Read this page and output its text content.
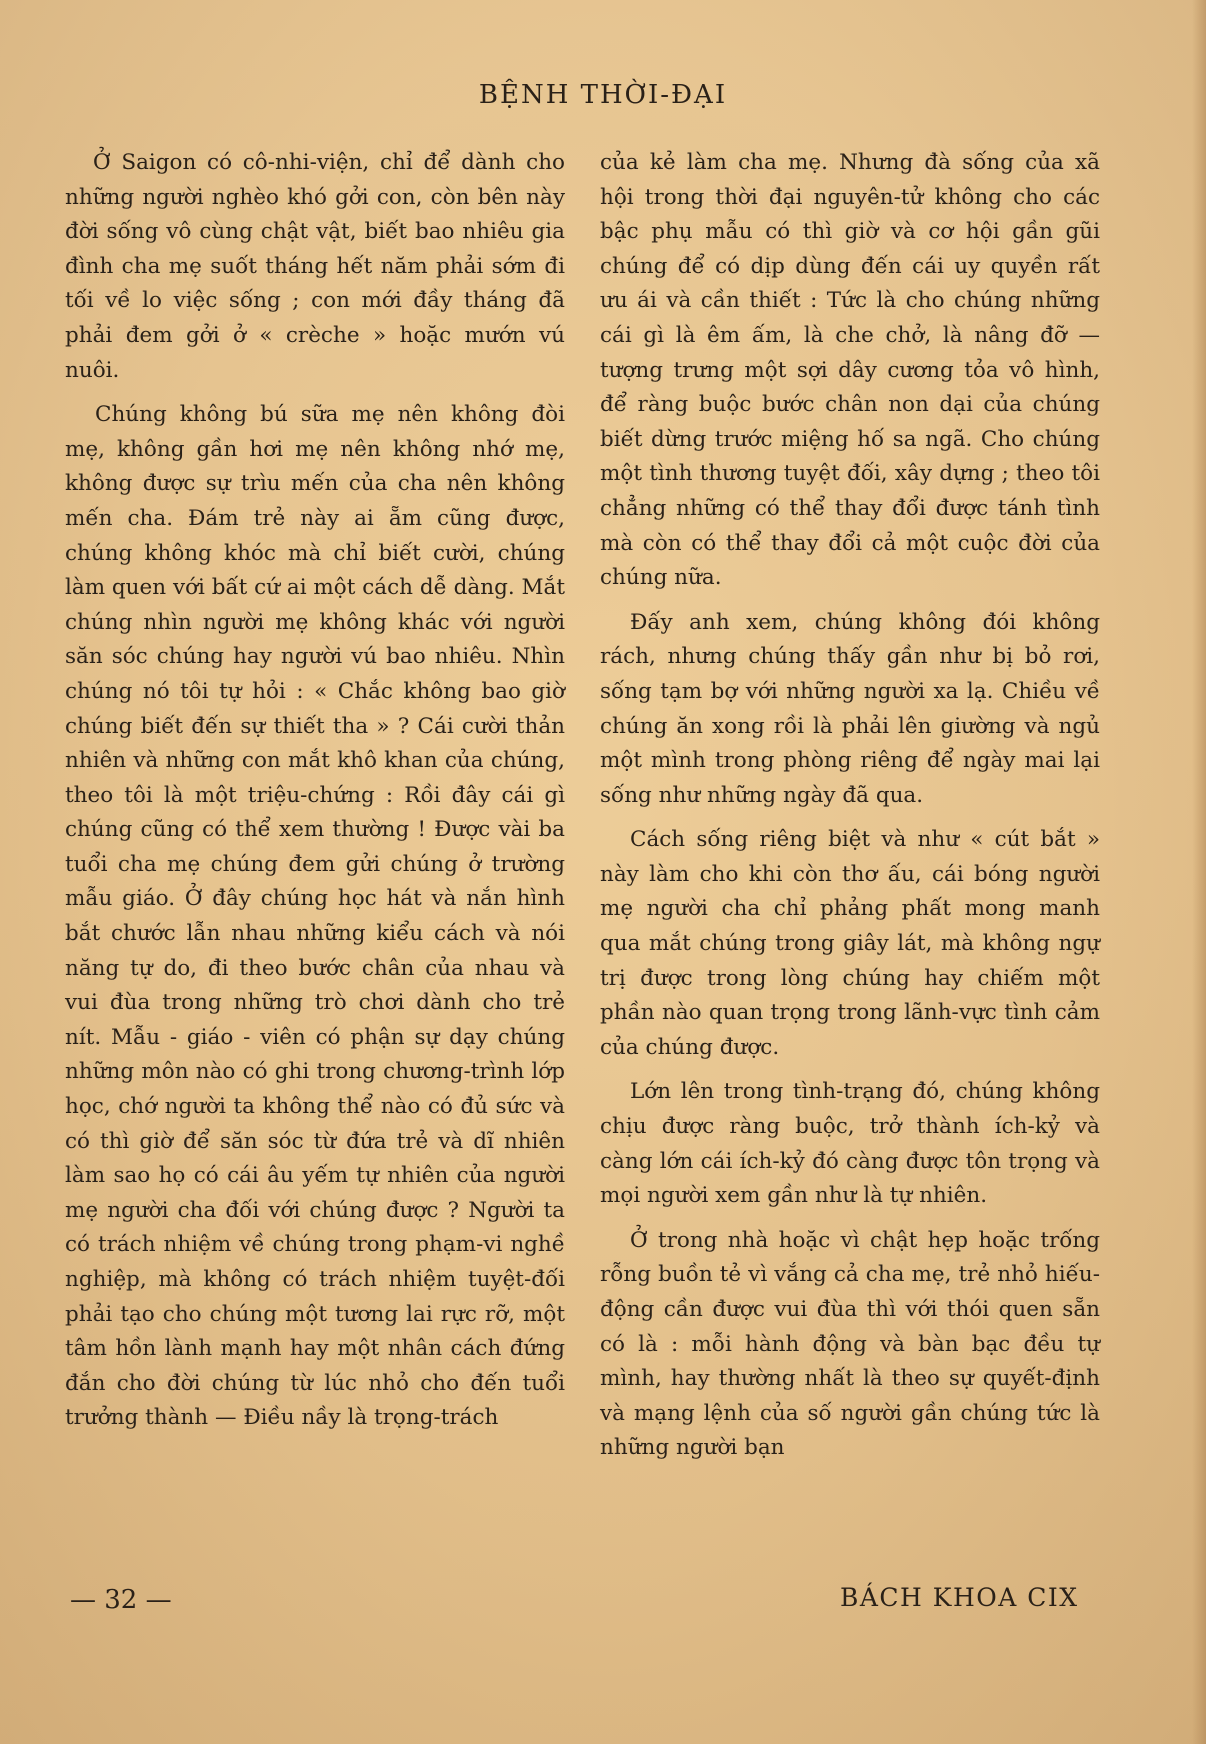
BỆNH THỜI-ĐẠI

Ở Saigon có cô-nhi-viện, chỉ để dành cho những người nghèo khó gởi con, còn bên này đời sống vô cùng chật vật, biết bao nhiêu gia đình cha mẹ suốt tháng hết năm phải sớm đi tối về lo việc sống ; con mới đầy tháng đã phải đem gởi ở « crèche » hoặc mướn vú nuôi.

Chúng không bú sữa mẹ nên không đòi mẹ, không gần hơi mẹ nên không nhớ mẹ, không được sự trìu mến của cha nên không mến cha. Đám trẻ này ai ẵm cũng được, chúng không khóc mà chỉ biết cười, chúng làm quen với bất cứ ai một cách dễ dàng. Mắt chúng nhìn người mẹ không khác với người săn sóc chúng hay người vú bao nhiêu. Nhìn chúng nó tôi tự hỏi : « Chắc không bao giờ chúng biết đến sự thiết tha » ? Cái cười thản nhiên và những con mắt khô khan của chúng, theo tôi là một triệu-chứng : Rồi đây cái gì chúng cũng có thể xem thường ! Được vài ba tuổi cha mẹ chúng đem gửi chúng ở trường mẫu giáo. Ở đây chúng học hát và nắn hình bắt chước lẫn nhau những kiểu cách và nói năng tự do, đi theo bước chân của nhau và vui đùa trong những trò chơi dành cho trẻ nít. Mẫu - giáo - viên có phận sự dạy chúng những môn nào có ghi trong chương-trình lớp học, chớ người ta không thể nào có đủ sức và có thì giờ để săn sóc từ đứa trẻ và dĩ nhiên làm sao họ có cái âu yếm tự nhiên của người mẹ người cha đối với chúng được ? Người ta có trách nhiệm về chúng trong phạm-vi nghề nghiệp, mà không có trách nhiệm tuyệt-đối phải tạo cho chúng một tương lai rực rỡ, một tâm hồn lành mạnh hay một nhân cách đứng đắn cho đời chúng từ lúc nhỏ cho đến tuổi trưởng thành — Điều nầy là trọng-trách

của kẻ làm cha mẹ. Nhưng đà sống của xã hội trong thời đại nguyên-tử không cho các bậc phụ mẫu có thì giờ và cơ hội gần gũi chúng để có dịp dùng đến cái uy quyền rất ưu ái và cần thiết : Tức là cho chúng những cái gì là êm ấm, là che chở, là nâng đỡ — tượng trưng một sợi dây cương tỏa vô hình, để ràng buộc bước chân non dại của chúng biết dừng trước miệng hố sa ngã. Cho chúng một tình thương tuyệt đối, xây dựng ; theo tôi chẳng những có thể thay đổi được tánh tình mà còn có thể thay đổi cả một cuộc đời của chúng nữa.

Đấy anh xem, chúng không đói không rách, nhưng chúng thấy gần như bị bỏ rơi, sống tạm bợ với những người xa lạ. Chiều về chúng ăn xong rồi là phải lên giường và ngủ một mình trong phòng riêng để ngày mai lại sống như những ngày đã qua.

Cách sống riêng biệt và như « cút bắt » này làm cho khi còn thơ ấu, cái bóng người mẹ người cha chỉ phảng phất mong manh qua mắt chúng trong giây lát, mà không ngự trị được trong lòng chúng hay chiếm một phần nào quan trọng trong lãnh-vực tình cảm của chúng được.

Lớn lên trong tình-trạng đó, chúng không chịu được ràng buộc, trở thành ích-kỷ và càng lớn cái ích-kỷ đó càng được tôn trọng và mọi người xem gần như là tự nhiên.

Ở trong nhà hoặc vì chật hẹp hoặc trống rỗng buồn tẻ vì vắng cả cha mẹ, trẻ nhỏ hiếu-động cần được vui đùa thì với thói quen sẵn có là : mỗi hành động và bàn bạc đều tự mình, hay thường nhất là theo sự quyết-định và mạng lệnh của số người gần chúng tức là những người bạn

— 32 —	BÁCH KHOA CIX
